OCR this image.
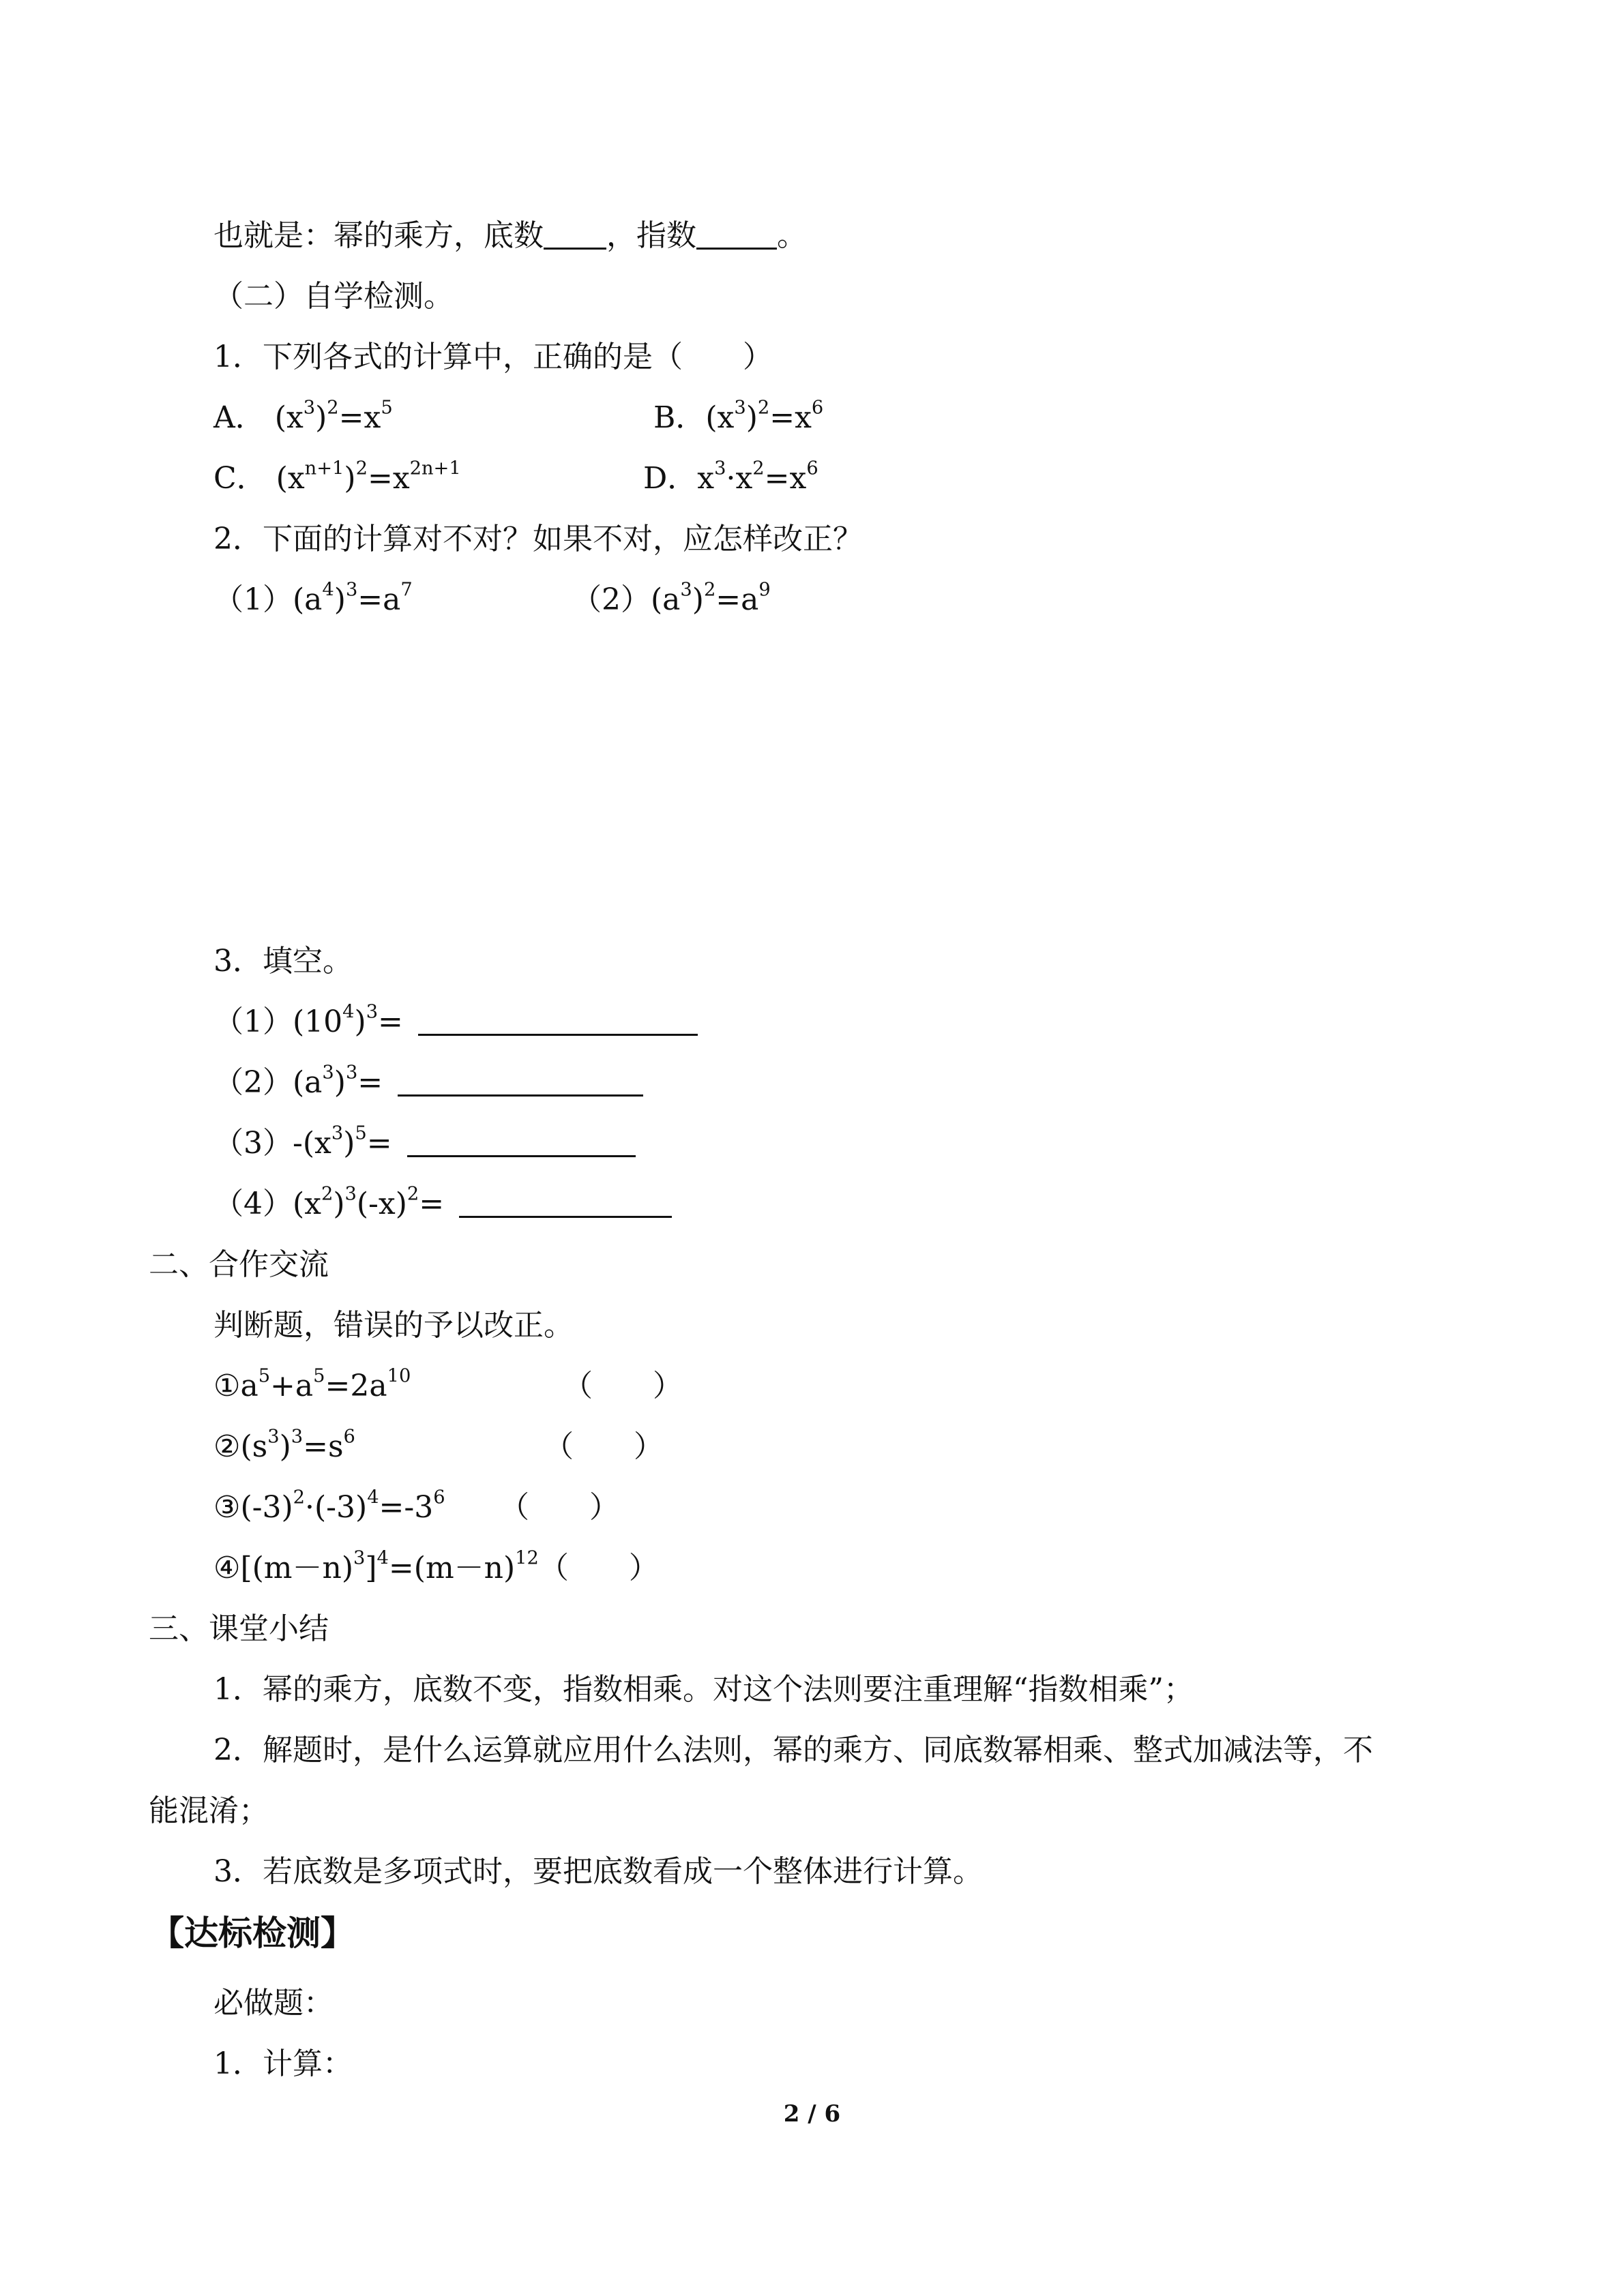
也就是：幂的乘方，底数 ，指数	。
（二）自学检测。
1．下列各式的计算中，正确的是（　　）
A． $(x^3)^2=x^5$	B．$(x^3)^2=x^6$
C． $(x^{n+1})^2=x^{2n+1}$	D．$x^3\cdot x^2=x^6$
2．下面的计算对不对？如果不对，应怎样改正？
$(1)(a^4)^3=a^7$	$(2)(a^3)^2=a^9$
3．填空。
$(1)(10^4)^3=$
$(2)(a^3)^3=$
$(3)-(x^3)^5=$
$(4)(x^2)^3(-x)^2=$
二、合作交流
判断题，错误的予以改正。
$①a^5+a^5=2a^{10}$	（　　）
$②(s^3)^3=s^6$	（　　）
$③(-3)^2\cdot(-3)^4=-3^6$ （　　）
$④[(m-n)^3]^4=(m-n)^{12}$（　　）
三、课堂小结
1．幂的乘方，底数不变，指数相乘。对这个法则要注重理解“指数相乘”；
2．解题时，是什么运算就应用什么法则，幂的乘方、同底数幂相乘、整式加减法等，不
能混淆；
3．若底数是多项式时，要把底数看成一个整体进行计算。
【达标检测】
必做题：
1．计算：
2 / 6
